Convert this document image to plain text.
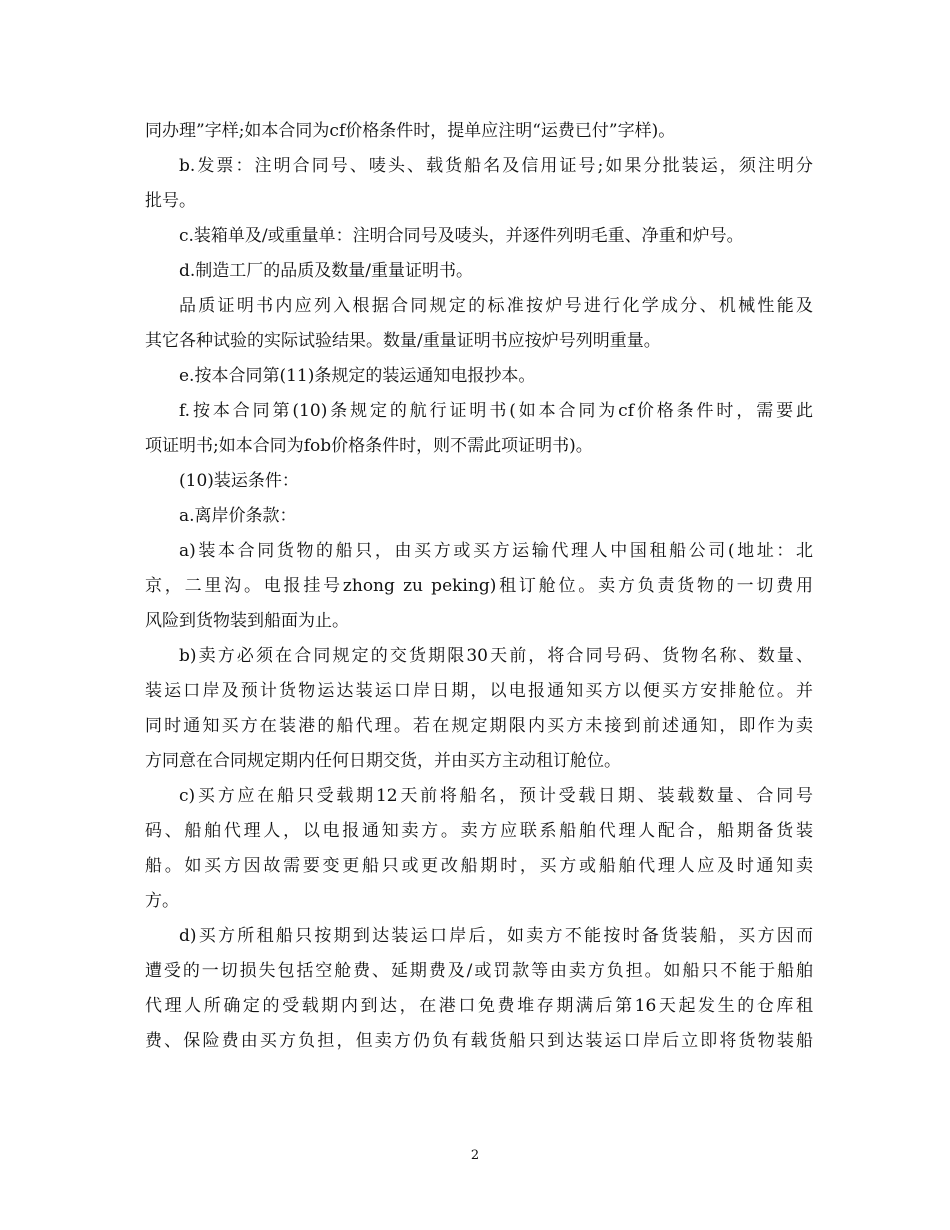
同办理”字样;如本合同为cf价格条件时，提单应注明“运费已付”字样)。
b.发票：注明合同号、唛头、载货船名及信用证号;如果分批装运，须注明分
批号。
c.装箱单及/或重量单：注明合同号及唛头，并逐件列明毛重、净重和炉号。
d.制造工厂的品质及数量/重量证明书。
品质证明书内应列入根据合同规定的标准按炉号进行化学成分、机械性能及
其它各种试验的实际试验结果。数量/重量证明书应按炉号列明重量。
e.按本合同第(11)条规定的装运通知电报抄本。
f.按本合同第(10)条规定的航行证明书(如本合同为cf价格条件时，需要此
项证明书;如本合同为fob价格条件时，则不需此项证明书)。
(10)装运条件：
a.离岸价条款：
a)装本合同货物的船只，由买方或买方运输代理人中国租船公司(地址：北
京，二里沟。电报挂号zhong zu peking)租订舱位。卖方负责货物的一切费用
风险到货物装到船面为止。
b)卖方必须在合同规定的交货期限30天前，将合同号码、货物名称、数量、
装运口岸及预计货物运达装运口岸日期，以电报通知买方以便买方安排舱位。并
同时通知买方在装港的船代理。若在规定期限内买方未接到前述通知，即作为卖
方同意在合同规定期内任何日期交货，并由买方主动租订舱位。
c)买方应在船只受载期12天前将船名，预计受载日期、装载数量、合同号
码、船舶代理人，以电报通知卖方。卖方应联系船舶代理人配合，船期备货装
船。如买方因故需要变更船只或更改船期时，买方或船舶代理人应及时通知卖
方。
d)买方所租船只按期到达装运口岸后，如卖方不能按时备货装船，买方因而
遭受的一切损失包括空舱费、延期费及/或罚款等由卖方负担。如船只不能于船舶
代理人所确定的受载期内到达，在港口免费堆存期满后第16天起发生的仓库租
费、保险费由买方负担，但卖方仍负有载货船只到达装运口岸后立即将货物装船
2
